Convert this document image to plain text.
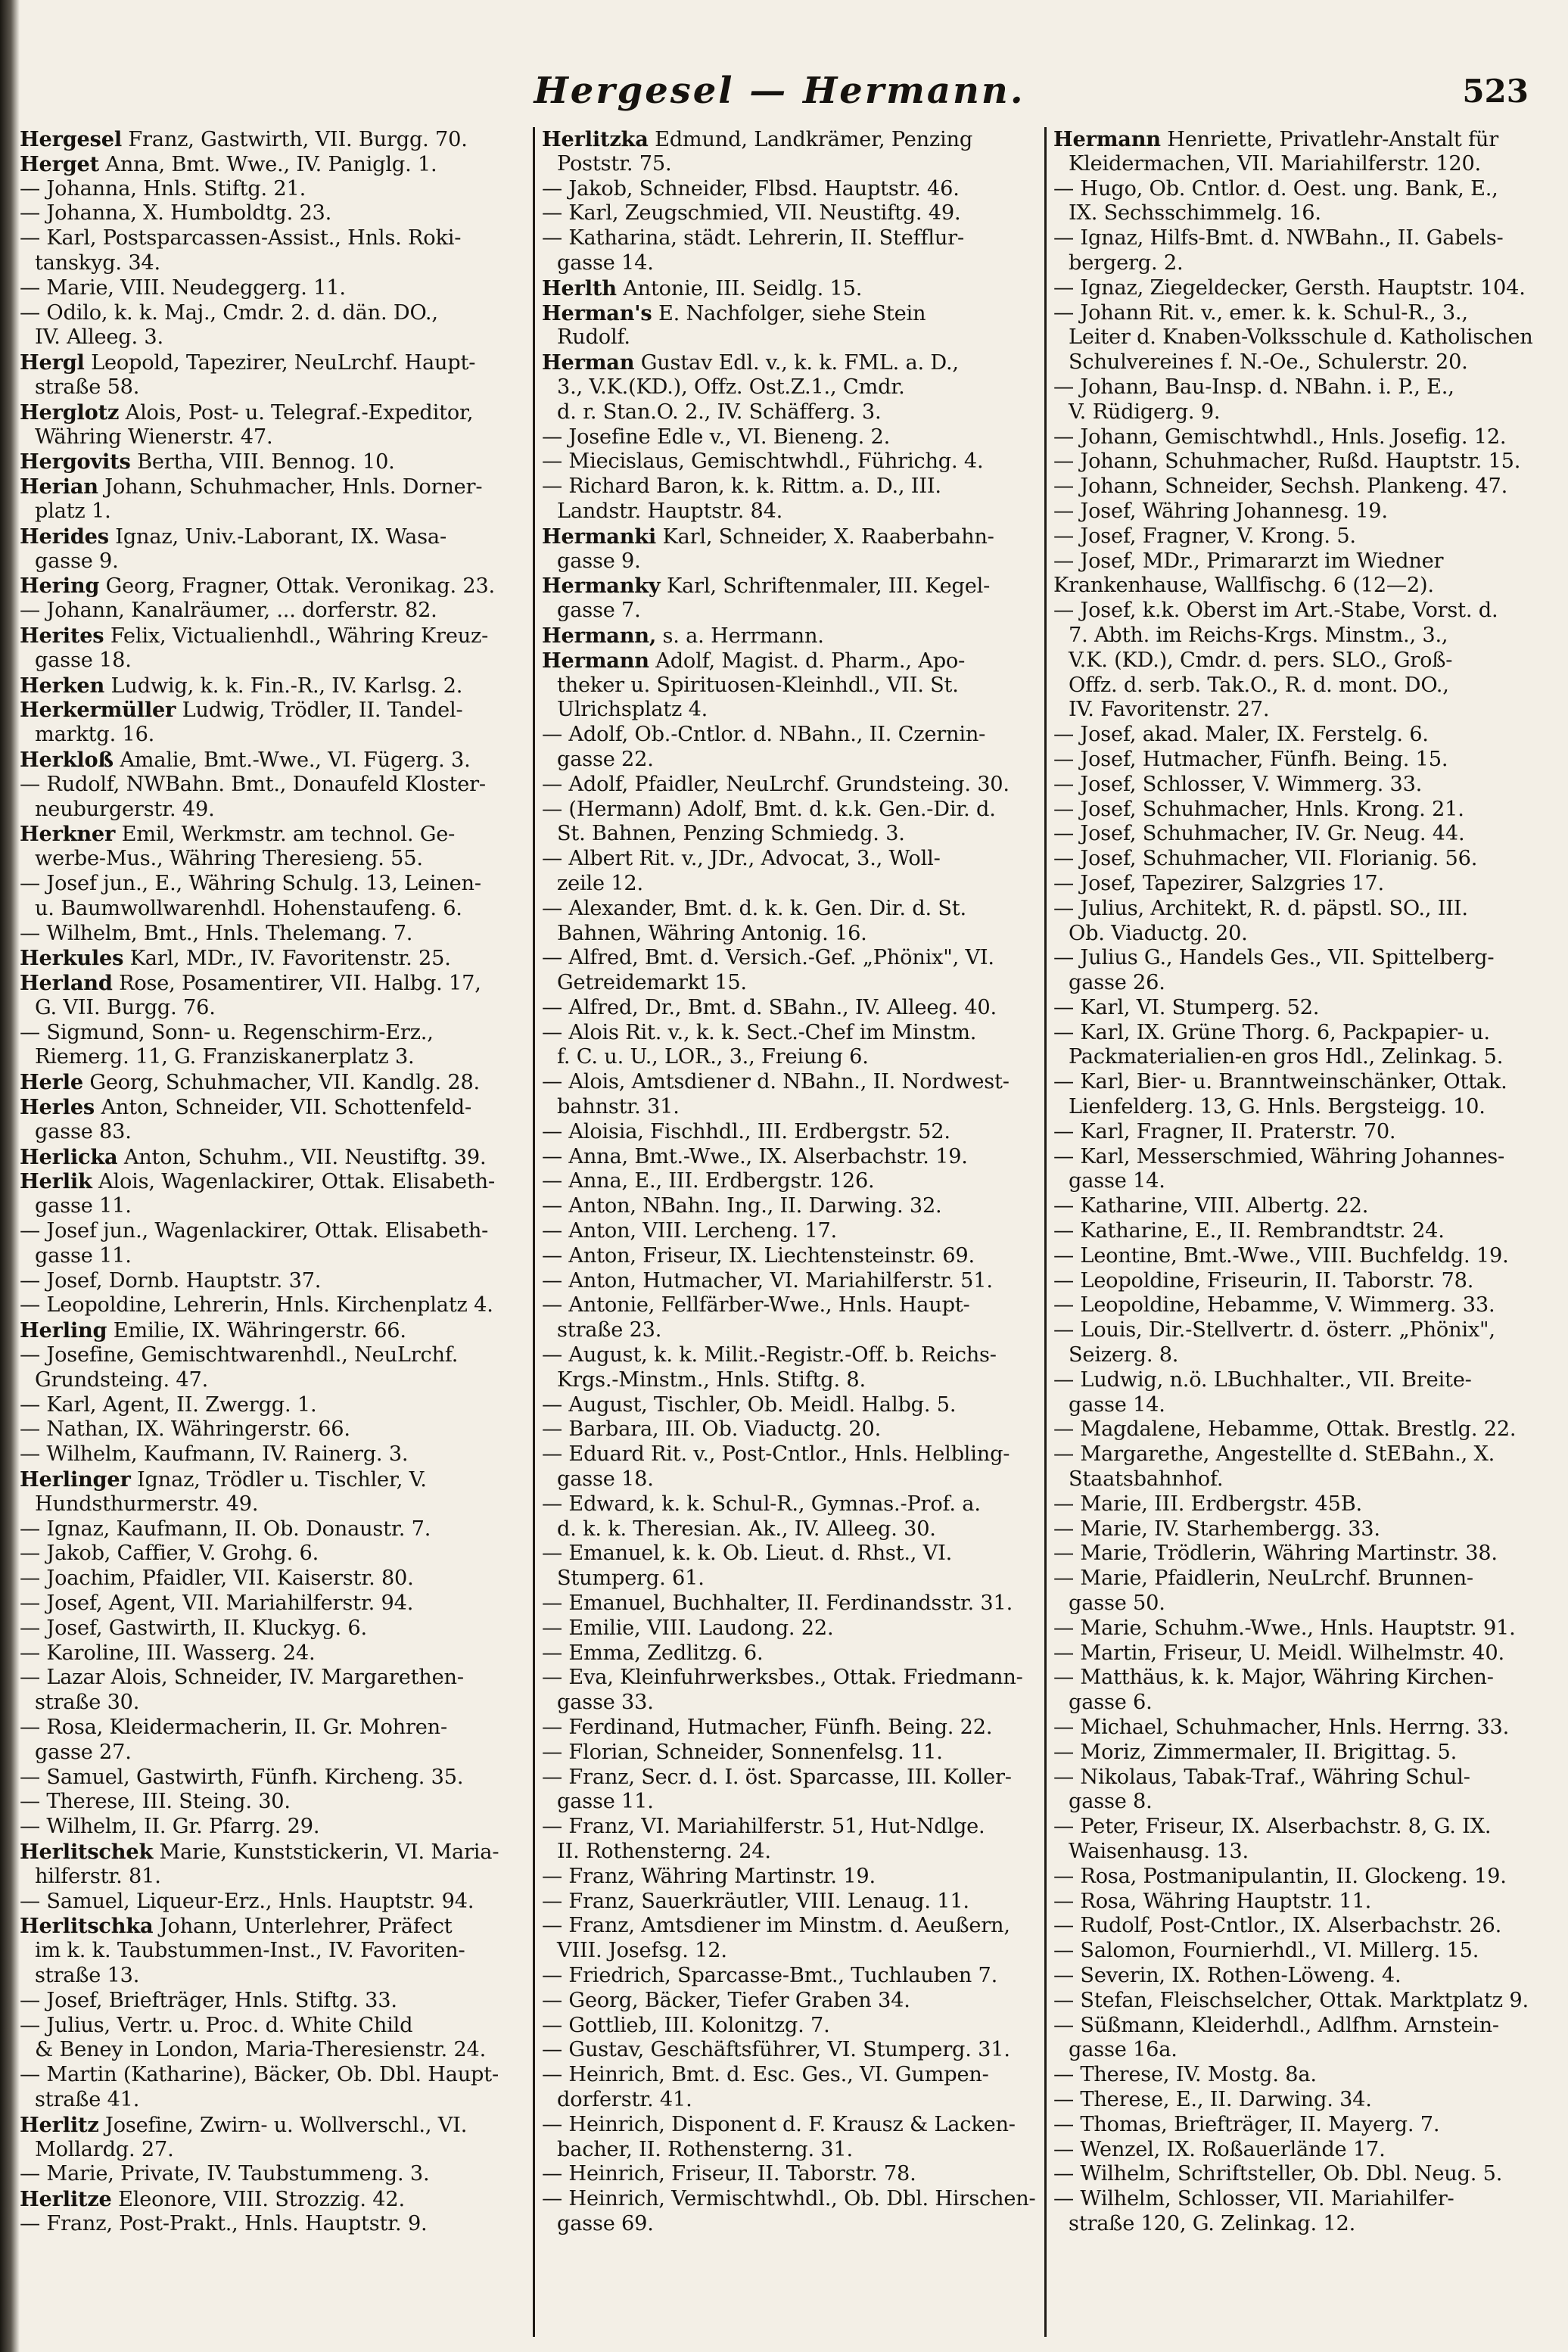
Hergesel — Hermann.	523
Hergesel Franz, Gastwirth, VII. Burgg. 70.
Herget Anna, Bmt. Wwe., IV. Paniglg. 1.
— Johanna, Hnls. Stiftg. 21.
— Johanna, X. Humboldtg. 23.
— Karl, Postsparcassen-Assist., Hnls. Roki-
tanskyg. 34.
— Marie, VIII. Neudeggerg. 11.
— Odilo, k. k. Maj., Cmdr. 2. d. dän. DO.,
IV. Alleeg. 3.
Hergl Leopold, Tapezirer, NeuLrchf. Haupt-
straße 58.
Herglotz Alois, Post- u. Telegraf.-Expeditor,
Währing Wienerstr. 47.
Hergovits Bertha, VIII. Bennog. 10.
Herian Johann, Schuhmacher, Hnls. Dorner-
platz 1.
Herides Ignaz, Univ.-Laborant, IX. Wasa-
gasse 9.
Hering Georg, Fragner, Ottak. Veronikag. 23.
— Johann, Kanalräumer, ... dorferstr. 82.
Herites Felix, Victualienhdl., Währing Kreuz-
gasse 18.
Herken Ludwig, k. k. Fin.-R., IV. Karlsg. 2.
Herkermüller Ludwig, Trödler, II. Tandel-
marktg. 16.
Herkloß Amalie, Bmt.-Wwe., VI. Fügerg. 3.
— Rudolf, NWBahn. Bmt., Donaufeld Kloster-
neuburgerstr. 49.
Herkner Emil, Werkmstr. am technol. Ge-
werbe-Mus., Währing Theresieng. 55.
— Josef jun., E., Währing Schulg. 13, Leinen-
u. Baumwollwarenhdl. Hohenstaufeng. 6.
— Wilhelm, Bmt., Hnls. Thelemang. 7.
Herkules Karl, MDr., IV. Favoritenstr. 25.
Herland Rose, Posamentirer, VII. Halbg. 17,
G. VII. Burgg. 76.
— Sigmund, Sonn- u. Regenschirm-Erz.,
Riemerg. 11, G. Franziskanerplatz 3.
Herle Georg, Schuhmacher, VII. Kandlg. 28.
Herles Anton, Schneider, VII. Schottenfeld-
gasse 83.
Herlicka Anton, Schuhm., VII. Neustiftg. 39.
Herlik Alois, Wagenlackirer, Ottak. Elisabeth-
gasse 11.
— Josef jun., Wagenlackirer, Ottak. Elisabeth-
gasse 11.
— Josef, Dornb. Hauptstr. 37.
— Leopoldine, Lehrerin, Hnls. Kirchenplatz 4.
Herling Emilie, IX. Währingerstr. 66.
— Josefine, Gemischtwarenhdl., NeuLrchf.
Grundsteing. 47.
— Karl, Agent, II. Zwergg. 1.
— Nathan, IX. Währingerstr. 66.
— Wilhelm, Kaufmann, IV. Rainerg. 3.
Herlinger Ignaz, Trödler u. Tischler, V.
Hundsthurmerstr. 49.
— Ignaz, Kaufmann, II. Ob. Donaustr. 7.
— Jakob, Caffier, V. Grohg. 6.
— Joachim, Pfaidler, VII. Kaiserstr. 80.
— Josef, Agent, VII. Mariahilferstr. 94.
— Josef, Gastwirth, II. Kluckyg. 6.
— Karoline, III. Wasserg. 24.
— Lazar Alois, Schneider, IV. Margarethen-
straße 30.
— Rosa, Kleidermacherin, II. Gr. Mohren-
gasse 27.
— Samuel, Gastwirth, Fünfh. Kircheng. 35.
— Therese, III. Steing. 30.
— Wilhelm, II. Gr. Pfarrg. 29.
Herlitschek Marie, Kunststickerin, VI. Maria-
hilferstr. 81.
— Samuel, Liqueur-Erz., Hnls. Hauptstr. 94.
Herlitschka Johann, Unterlehrer, Präfect
im k. k. Taubstummen-Inst., IV. Favoriten-
straße 13.
— Josef, Briefträger, Hnls. Stiftg. 33.
— Julius, Vertr. u. Proc. d. White Child
& Beney in London, Maria-Theresienstr. 24.
— Martin (Katharine), Bäcker, Ob. Dbl. Haupt-
straße 41.
Herlitz Josefine, Zwirn- u. Wollverschl., VI.
Mollardg. 27.
— Marie, Private, IV. Taubstummeng. 3.
Herlitze Eleonore, VIII. Strozzig. 42.
— Franz, Post-Prakt., Hnls. Hauptstr. 9.
Herlitzka Edmund, Landkrämer, Penzing
Poststr. 75.
— Jakob, Schneider, Flbsd. Hauptstr. 46.
— Karl, Zeugschmied, VII. Neustiftg. 49.
— Katharina, städt. Lehrerin, II. Stefflur-
gasse 14.
Herlth Antonie, III. Seidlg. 15.
Herman's E. Nachfolger, siehe Stein
Rudolf.
Herman Gustav Edl. v., k. k. FML. a. D.,
3., V.K.(KD.), Offz. Ost.Z.1., Cmdr.
d. r. Stan.O. 2., IV. Schäfferg. 3.
— Josefine Edle v., VI. Bieneng. 2.
— Miecislaus, Gemischtwhdl., Führichg. 4.
— Richard Baron, k. k. Rittm. a. D., III.
Landstr. Hauptstr. 84.
Hermanki Karl, Schneider, X. Raaberbahn-
gasse 9.
Hermanky Karl, Schriftenmaler, III. Kegel-
gasse 7.
Hermann, s. a. Herrmann.
Hermann Adolf, Magist. d. Pharm., Apo-
theker u. Spirituosen-Kleinhdl., VII. St.
Ulrichsplatz 4.
— Adolf, Ob.-Cntlor. d. NBahn., II. Czernin-
gasse 22.
— Adolf, Pfaidler, NeuLrchf. Grundsteing. 30.
— (Hermann) Adolf, Bmt. d. k.k. Gen.-Dir. d.
St. Bahnen, Penzing Schmiedg. 3.
— Albert Rit. v., JDr., Advocat, 3., Woll-
zeile 12.
— Alexander, Bmt. d. k. k. Gen. Dir. d. St.
Bahnen, Währing Antonig. 16.
— Alfred, Bmt. d. Versich.-Gef. „Phönix", VI.
Getreidemarkt 15.
— Alfred, Dr., Bmt. d. SBahn., IV. Alleeg. 40.
— Alois Rit. v., k. k. Sect.-Chef im Minstm.
f. C. u. U., LOR., 3., Freiung 6.
— Alois, Amtsdiener d. NBahn., II. Nordwest-
bahnstr. 31.
— Aloisia, Fischhdl., III. Erdbergstr. 52.
— Anna, Bmt.-Wwe., IX. Alserbachstr. 19.
— Anna, E., III. Erdbergstr. 126.
— Anton, NBahn. Ing., II. Darwing. 32.
— Anton, VIII. Lercheng. 17.
— Anton, Friseur, IX. Liechtensteinstr. 69.
— Anton, Hutmacher, VI. Mariahilferstr. 51.
— Antonie, Fellfärber-Wwe., Hnls. Haupt-
straße 23.
— August, k. k. Milit.-Registr.-Off. b. Reichs-
Krgs.-Minstm., Hnls. Stiftg. 8.
— August, Tischler, Ob. Meidl. Halbg. 5.
— Barbara, III. Ob. Viaductg. 20.
— Eduard Rit. v., Post-Cntlor., Hnls. Helbling-
gasse 18.
— Edward, k. k. Schul-R., Gymnas.-Prof. a.
d. k. k. Theresian. Ak., IV. Alleeg. 30.
— Emanuel, k. k. Ob. Lieut. d. Rhst., VI.
Stumperg. 61.
— Emanuel, Buchhalter, II. Ferdinandsstr. 31.
— Emilie, VIII. Laudong. 22.
— Emma, Zedlitzg. 6.
— Eva, Kleinfuhrwerksbes., Ottak. Friedmann-
gasse 33.
— Ferdinand, Hutmacher, Fünfh. Being. 22.
— Florian, Schneider, Sonnenfelsg. 11.
— Franz, Secr. d. I. öst. Sparcasse, III. Koller-
gasse 11.
— Franz, VI. Mariahilferstr. 51, Hut-Ndlge.
II. Rothensterng. 24.
— Franz, Währing Martinstr. 19.
— Franz, Sauerkräutler, VIII. Lenaug. 11.
— Franz, Amtsdiener im Minstm. d. Aeußern,
VIII. Josefsg. 12.
— Friedrich, Sparcasse-Bmt., Tuchlauben 7.
— Georg, Bäcker, Tiefer Graben 34.
— Gottlieb, III. Kolonitzg. 7.
— Gustav, Geschäftsführer, VI. Stumperg. 31.
— Heinrich, Bmt. d. Esc. Ges., VI. Gumpen-
dorferstr. 41.
— Heinrich, Disponent d. F. Krausz & Lacken-
bacher, II. Rothensterng. 31.
— Heinrich, Friseur, II. Taborstr. 78.
— Heinrich, Vermischtwhdl., Ob. Dbl. Hirschen-
gasse 69.
Hermann Henriette, Privatlehr-Anstalt für
Kleidermachen, VII. Mariahilferstr. 120.
— Hugo, Ob. Cntlor. d. Oest. ung. Bank, E.,
IX. Sechsschimmelg. 16.
— Ignaz, Hilfs-Bmt. d. NWBahn., II. Gabels-
bergerg. 2.
— Ignaz, Ziegeldecker, Gersth. Hauptstr. 104.
— Johann Rit. v., emer. k. k. Schul-R., 3.,
Leiter d. Knaben-Volksschule d. Katholischen
Schulvereines f. N.-Oe., Schulerstr. 20.
— Johann, Bau-Insp. d. NBahn. i. P., E.,
V. Rüdigerg. 9.
— Johann, Gemischtwhdl., Hnls. Josefig. 12.
— Johann, Schuhmacher, Rußd. Hauptstr. 15.
— Johann, Schneider, Sechsh. Plankeng. 47.
— Josef, Währing Johannesg. 19.
— Josef, Fragner, V. Krong. 5.
— Josef, MDr., Primararzt im Wiedner
Krankenhause, Wallfischg. 6 (12—2).
— Josef, k.k. Oberst im Art.-Stabe, Vorst. d.
7. Abth. im Reichs-Krgs. Minstm., 3.,
V.K. (KD.), Cmdr. d. pers. SLO., Groß-
Offz. d. serb. Tak.O., R. d. mont. DO.,
IV. Favoritenstr. 27.
— Josef, akad. Maler, IX. Ferstelg. 6.
— Josef, Hutmacher, Fünfh. Being. 15.
— Josef, Schlosser, V. Wimmerg. 33.
— Josef, Schuhmacher, Hnls. Krong. 21.
— Josef, Schuhmacher, IV. Gr. Neug. 44.
— Josef, Schuhmacher, VII. Florianig. 56.
— Josef, Tapezirer, Salzgries 17.
— Julius, Architekt, R. d. päpstl. SO., III.
Ob. Viaductg. 20.
— Julius G., Handels Ges., VII. Spittelberg-
gasse 26.
— Karl, VI. Stumperg. 52.
— Karl, IX. Grüne Thorg. 6, Packpapier- u.
Packmaterialien-en gros Hdl., Zelinkag. 5.
— Karl, Bier- u. Branntweinschänker, Ottak.
Lienfelderg. 13, G. Hnls. Bergsteigg. 10.
— Karl, Fragner, II. Praterstr. 70.
— Karl, Messerschmied, Währing Johannes-
gasse 14.
— Katharine, VIII. Albertg. 22.
— Katharine, E., II. Rembrandtstr. 24.
— Leontine, Bmt.-Wwe., VIII. Buchfeldg. 19.
— Leopoldine, Friseurin, II. Taborstr. 78.
— Leopoldine, Hebamme, V. Wimmerg. 33.
— Louis, Dir.-Stellvertr. d. österr. „Phönix",
Seizerg. 8.
— Ludwig, n.ö. LBuchhalter., VII. Breite-
gasse 14.
— Magdalene, Hebamme, Ottak. Brestlg. 22.
— Margarethe, Angestellte d. StEBahn., X.
Staatsbahnhof.
— Marie, III. Erdbergstr. 45B.
— Marie, IV. Starhembergg. 33.
— Marie, Trödlerin, Währing Martinstr. 38.
— Marie, Pfaidlerin, NeuLrchf. Brunnen-
gasse 50.
— Marie, Schuhm.-Wwe., Hnls. Hauptstr. 91.
— Martin, Friseur, U. Meidl. Wilhelmstr. 40.
— Matthäus, k. k. Major, Währing Kirchen-
gasse 6.
— Michael, Schuhmacher, Hnls. Herrng. 33.
— Moriz, Zimmermaler, II. Brigittag. 5.
— Nikolaus, Tabak-Traf., Währing Schul-
gasse 8.
— Peter, Friseur, IX. Alserbachstr. 8, G. IX.
Waisenhausg. 13.
— Rosa, Postmanipulantin, II. Glockeng. 19.
— Rosa, Währing Hauptstr. 11.
— Rudolf, Post-Cntlor., IX. Alserbachstr. 26.
— Salomon, Fournierhdl., VI. Millerg. 15.
— Severin, IX. Rothen-Löweng. 4.
— Stefan, Fleischselcher, Ottak. Marktplatz 9.
— Süßmann, Kleiderhdl., Adlfhm. Arnstein-
gasse 16a.
— Therese, IV. Mostg. 8a.
— Therese, E., II. Darwing. 34.
— Thomas, Briefträger, II. Mayerg. 7.
— Wenzel, IX. Roßauerlände 17.
— Wilhelm, Schriftsteller, Ob. Dbl. Neug. 5.
— Wilhelm, Schlosser, VII. Mariahilfer-
straße 120, G. Zelinkag. 12.
